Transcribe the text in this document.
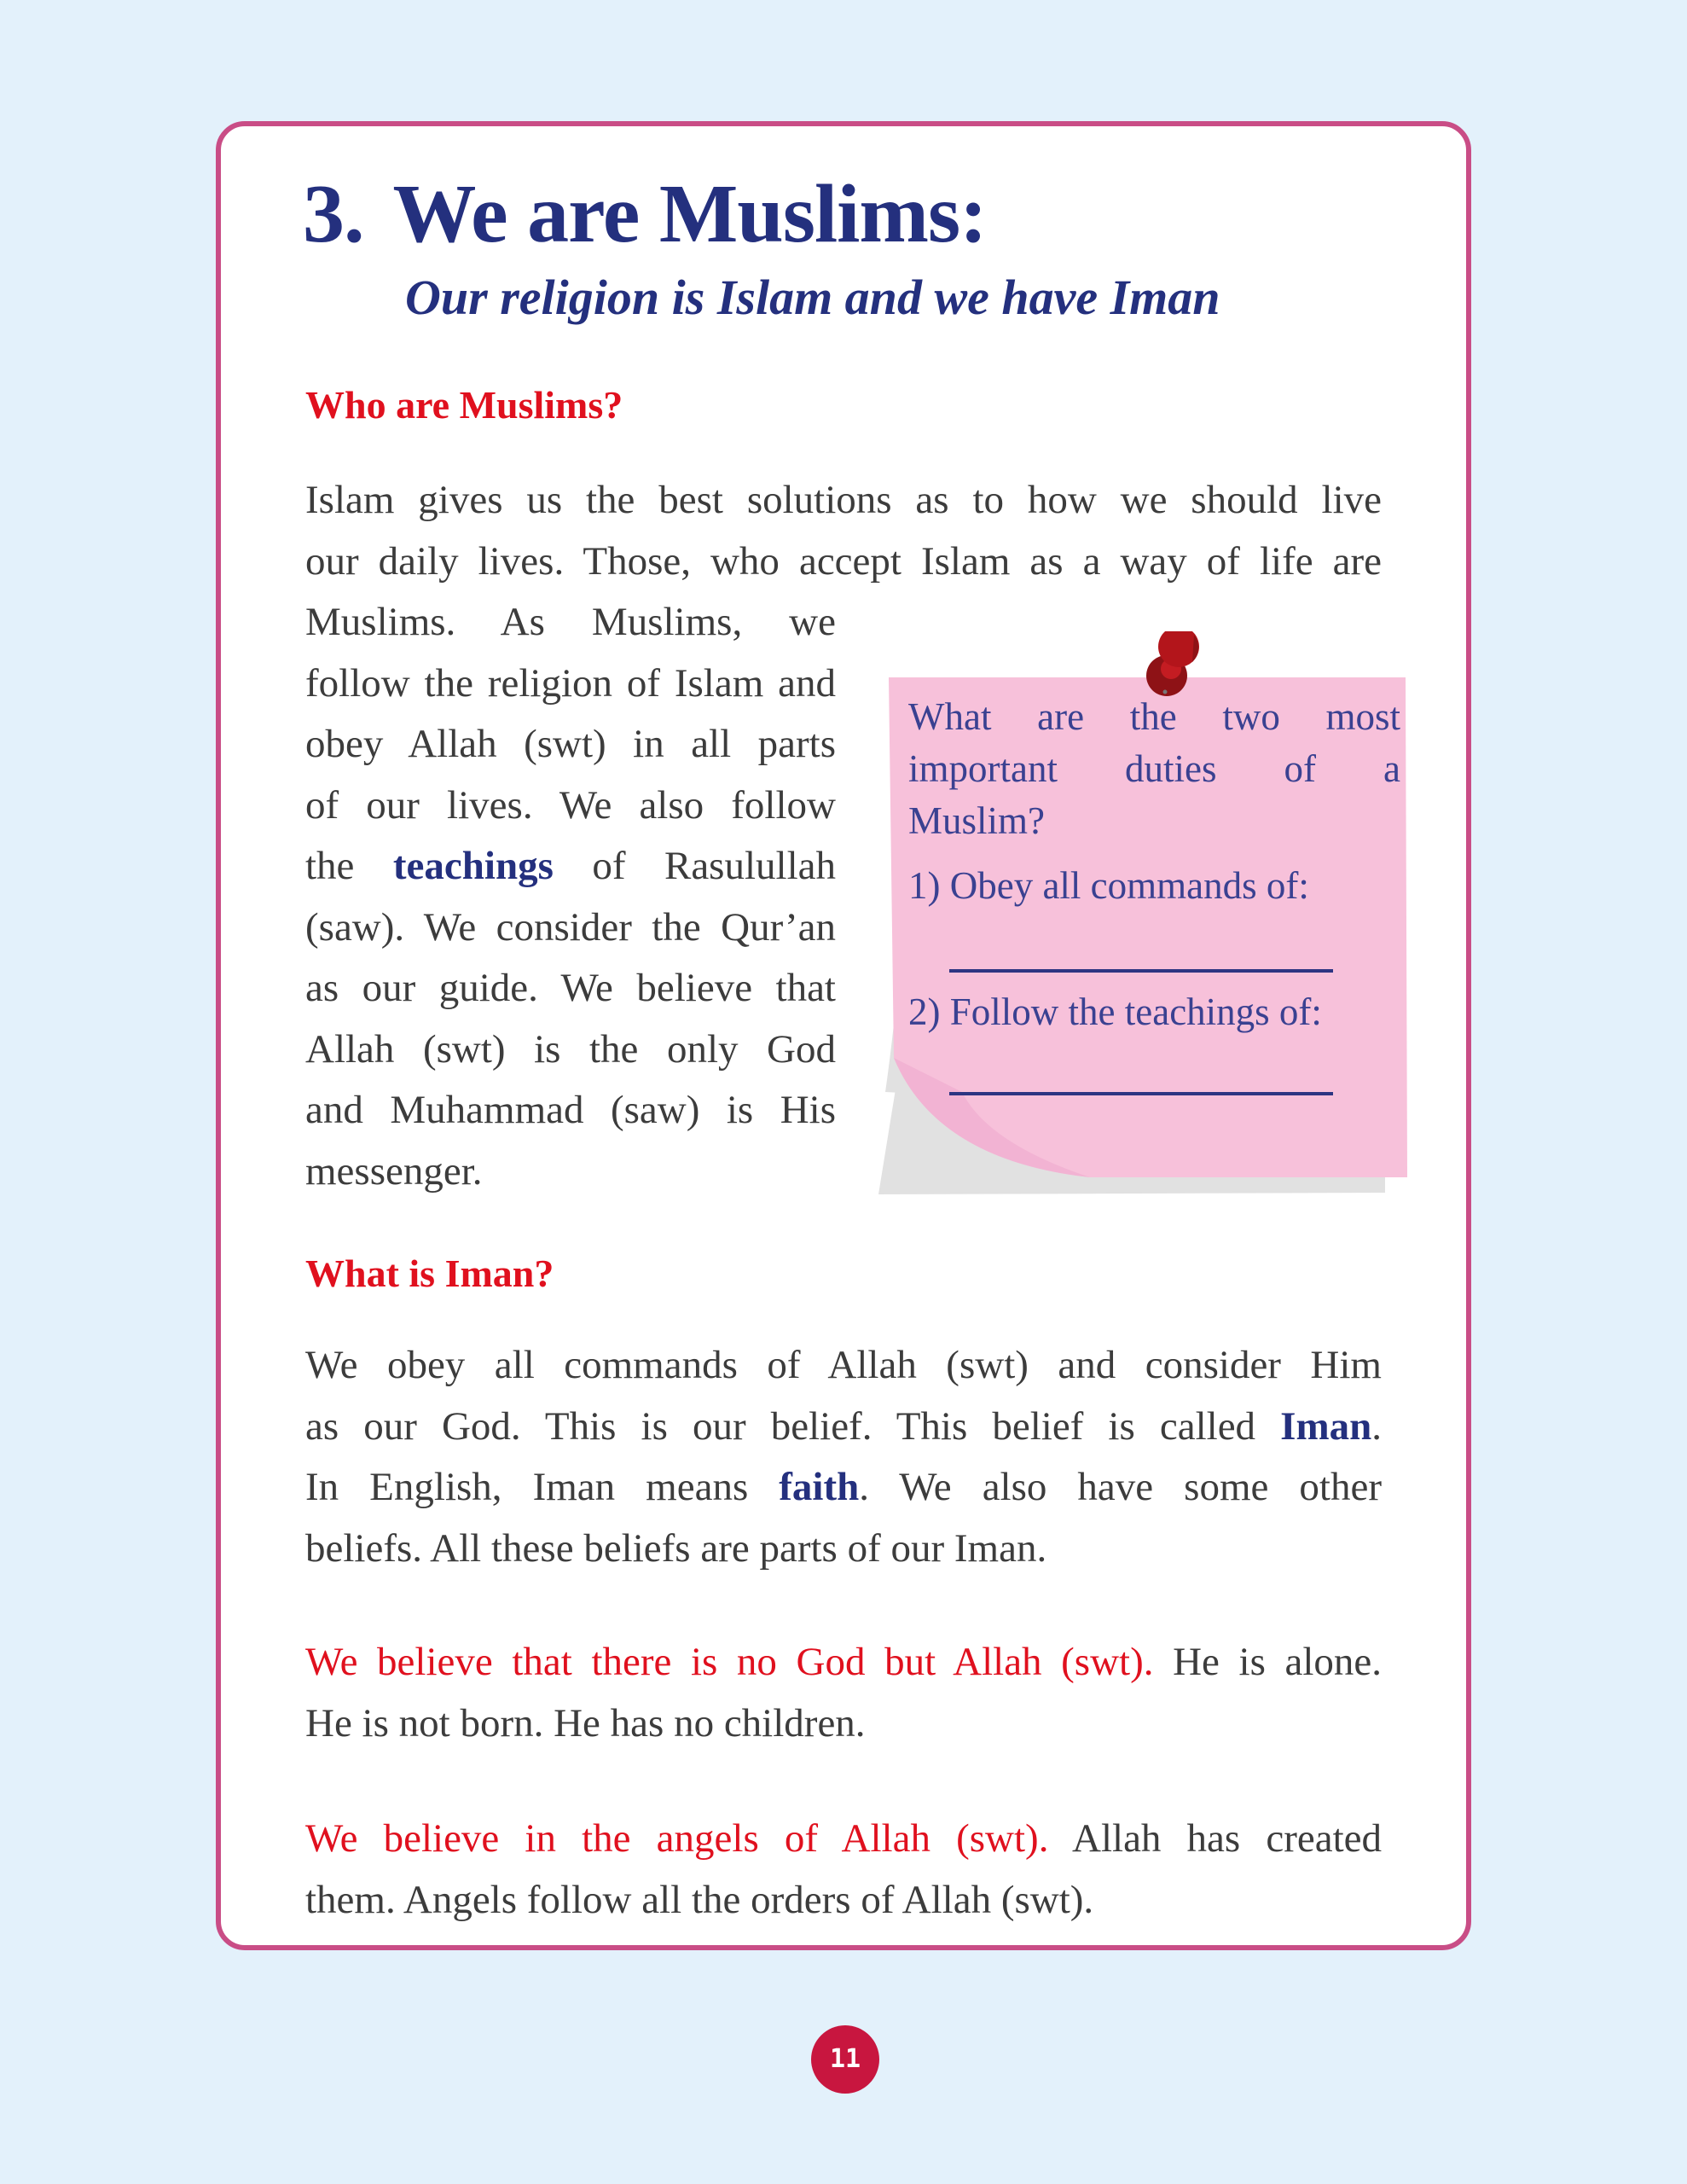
3. We are Muslims:
Our religion is Islam and we have Iman
Who are Muslims?
Islam gives us the best solutions as to how we should live
our daily lives. Those, who accept Islam as a way of life are
Muslims. As Muslims, we
follow the religion of Islam and
obey Allah (swt) in all parts
of our lives. We also follow
the teachings of Rasulullah
(saw). We consider the Qur’an
as our guide. We believe that
Allah (swt) is the only God
and Muhammad (saw) is His
messenger.
What are the two most
important duties of a
Muslim?
1) Obey all commands of:
2) Follow the teachings of:
What is Iman?
We obey all commands of Allah (swt) and consider Him
as our God. This is our belief. This belief is called Iman.
In English, Iman means faith. We also have some other
beliefs. All these beliefs are parts of our Iman.
We believe that there is no God but Allah (swt). He is alone.
He is not born. He has no children.
We believe in the angels of Allah (swt). Allah has created
them. Angels follow all the orders of Allah (swt).
11
